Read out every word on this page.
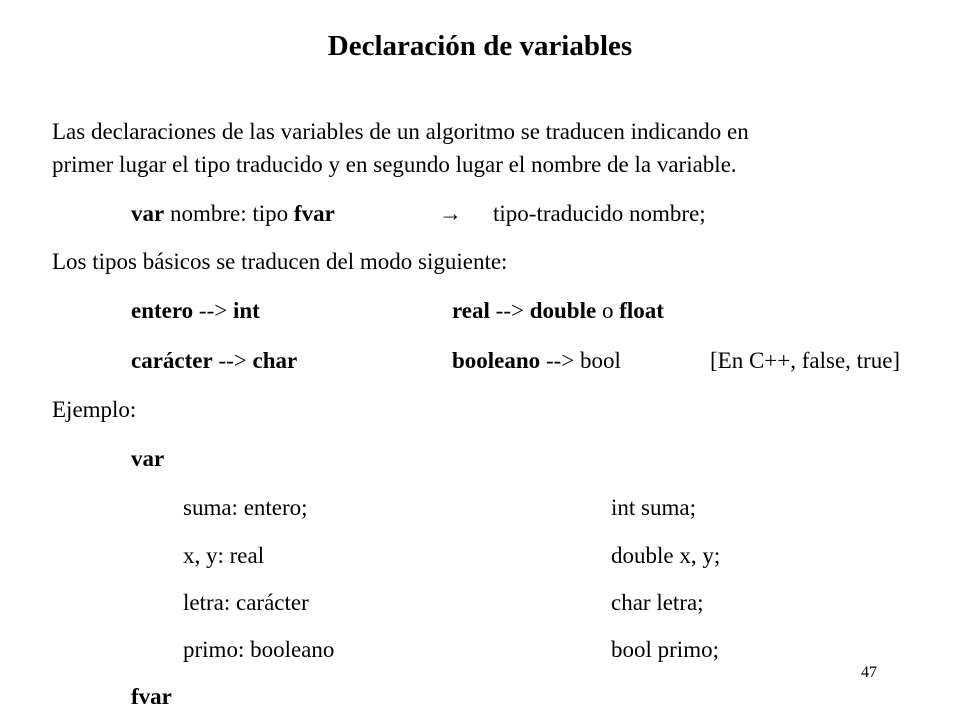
Declaración de variables
Las declaraciones de las variables de un algoritmo se traducen indicando en
primer lugar el tipo traducido y en segundo lugar el nombre de la variable.
var nombre: tipo fvar	→ tipo-traducido nombre;
Los tipos básicos se traducen del modo siguiente:
entero --> int	real --> double o float
carácter --> char	booleano --> bool	[En C++, false, true]
Ejemplo:
var
suma: entero;	int suma;
x, y: real	double x, y;
letra: carácter	char letra;
primo: booleano	bool primo;
fvar
47
